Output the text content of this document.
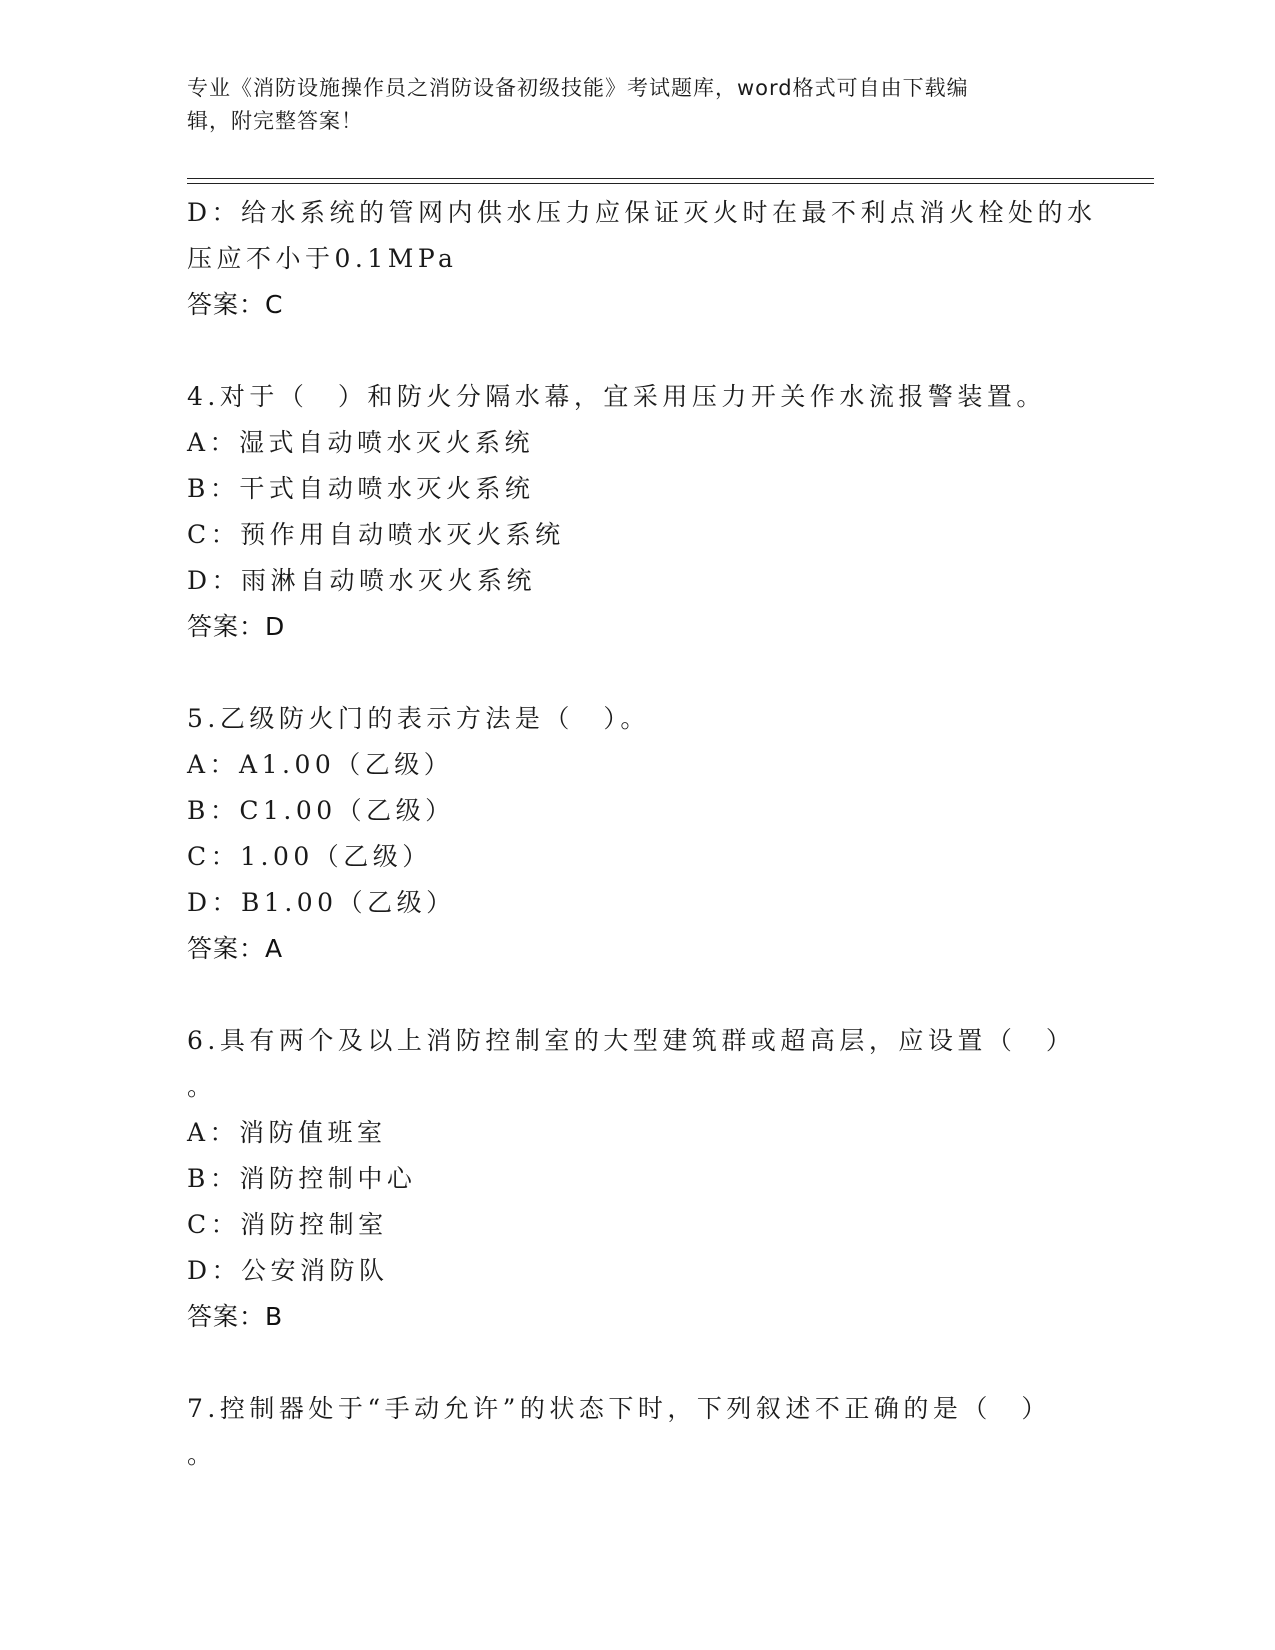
专业《消防设施操作员之消防设备初级技能》考试题库，word格式可自由下载编
辑，附完整答案！
D：给水系统的管网内供水压力应保证灭火时在最不利点消火栓处的水
压应不小于0.1MPa
答案：C
4.对于（　）和防火分隔水幕，宜采用压力开关作水流报警装置。
A：湿式自动喷水灭火系统
B：干式自动喷水灭火系统
C：预作用自动喷水灭火系统
D：雨淋自动喷水灭火系统
答案：D
5.乙级防火门的表示方法是（　）。
A：A1.00（乙级）
B：C1.00（乙级）
C：1.00（乙级）
D：B1.00（乙级）
答案：A
6.具有两个及以上消防控制室的大型建筑群或超高层，应设置（　）
。
A：消防值班室
B：消防控制中心
C：消防控制室
D：公安消防队
答案：B
7.控制器处于“手动允许”的状态下时，下列叙述不正确的是（　）
。
